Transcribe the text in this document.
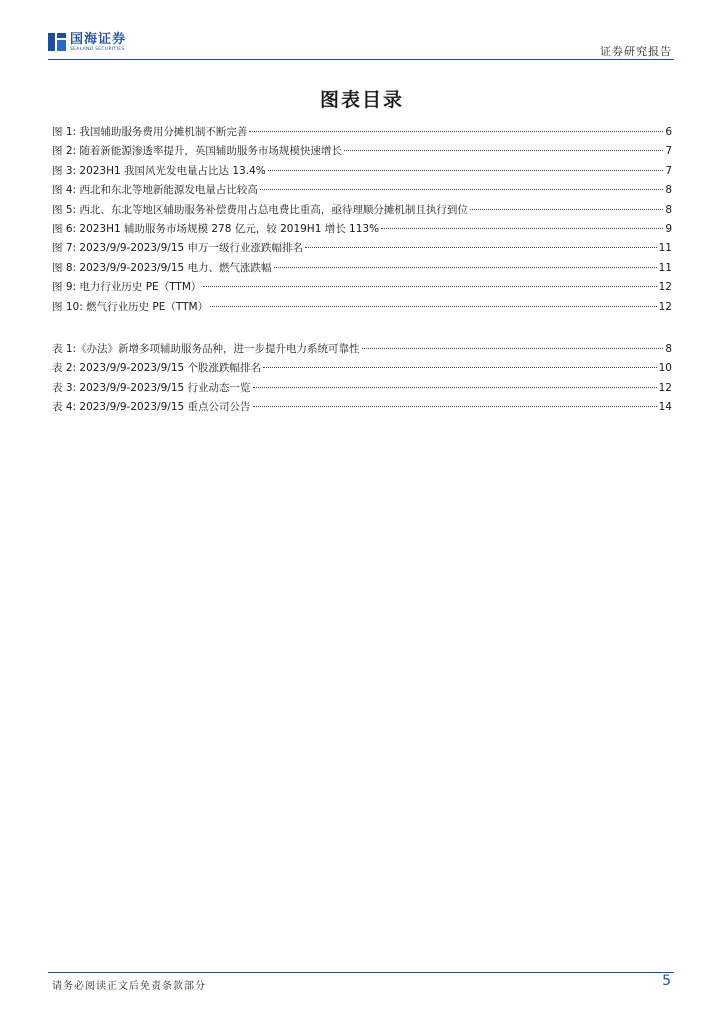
国海证券
SEALAND SECURITIES	证券研究报告
图表目录
图 1: 我国辅助服务费用分摊机制不断完善	6
图 2: 随着新能源渗透率提升，英国辅助服务市场规模快速增长	7
图 3: 2023H1 我国风光发电量占比达 13.4%	7
图 4: 西北和东北等地新能源发电量占比较高	8
图 5: 西北、东北等地区辅助服务补偿费用占总电费比重高，亟待理顺分摊机制且执行到位	8
图 6: 2023H1 辅助服务市场规模 278 亿元，较 2019H1 增长 113%	9
图 7: 2023/9/9-2023/9/15 申万一级行业涨跌幅排名	11
图 8: 2023/9/9-2023/9/15 电力、燃气涨跌幅	11
图 9: 电力行业历史 PE（TTM）	12
图 10: 燃气行业历史 PE（TTM）	12
表 1:《办法》新增多项辅助服务品种，进一步提升电力系统可靠性	8
表 2: 2023/9/9-2023/9/15 个股涨跌幅排名	10
表 3: 2023/9/9-2023/9/15 行业动态一览	12
表 4: 2023/9/9-2023/9/15 重点公司公告	14
请务必阅读正文后免责条款部分	5
